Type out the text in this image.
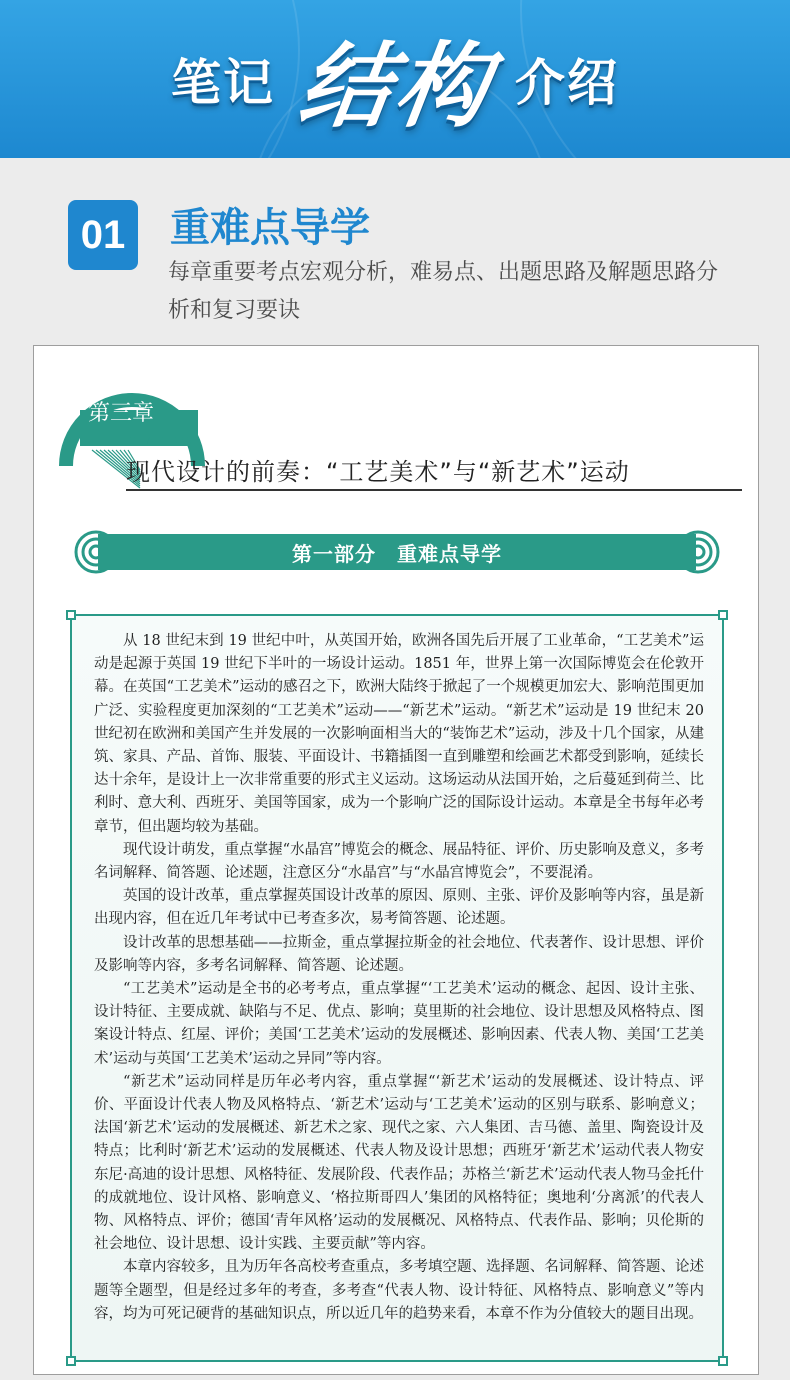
笔记 结构 介绍
01	重难点导学
每章重要考点宏观分析，难易点、出题思路及解题思路分析和复习要诀
第三章
CHAPTER3
现代设计的前奏：“工艺美术”与“新艺术”运动
第一部分　重难点导学

从 18 世纪末到 19 世纪中叶，从英国开始，欧洲各国先后开展了工业革命，“工艺美术”运动是起源于英国 19 世纪下半叶的一场设计运动。1851 年，世界上第一次国际博览会在伦敦开幕。在英国“工艺美术”运动的感召之下，欧洲大陆终于掀起了一个规模更加宏大、影响范围更加广泛、实验程度更加深刻的“工艺美术”运动——“新艺术”运动。“新艺术”运动是 19 世纪末 20 世纪初在欧洲和美国产生并发展的一次影响面相当大的“装饰艺术”运动，涉及十几个国家，从建筑、家具、产品、首饰、服装、平面设计、书籍插图一直到雕塑和绘画艺术都受到影响，延续长达十余年，是设计上一次非常重要的形式主义运动。这场运动从法国开始，之后蔓延到荷兰、比利时、意大利、西班牙、美国等国家，成为一个影响广泛的国际设计运动。本章是全书每年必考章节，但出题均较为基础。

现代设计萌发，重点掌握“水晶宫”博览会的概念、展品特征、评价、历史影响及意义，多考名词解释、简答题、论述题，注意区分“水晶宫”与“水晶宫博览会”，不要混淆。

英国的设计改革，重点掌握英国设计改革的原因、原则、主张、评价及影响等内容，虽是新出现内容，但在近几年考试中已考查多次，易考简答题、论述题。

设计改革的思想基础——拉斯金，重点掌握拉斯金的社会地位、代表著作、设计思想、评价及影响等内容，多考名词解释、简答题、论述题。

“工艺美术”运动是全书的必考考点，重点掌握“‘工艺美术’运动的概念、起因、设计主张、设计特征、主要成就、缺陷与不足、优点、影响；莫里斯的社会地位、设计思想及风格特点、图案设计特点、红屋、评价；美国‘工艺美术’运动的发展概述、影响因素、代表人物、美国‘工艺美术’运动与英国‘工艺美术’运动之异同”等内容。

“新艺术”运动同样是历年必考内容，重点掌握“‘新艺术’运动的发展概述、设计特点、评价、平面设计代表人物及风格特点、‘新艺术’运动与‘工艺美术’运动的区别与联系、影响意义；法国‘新艺术’运动的发展概述、新艺术之家、现代之家、六人集团、吉马德、盖里、陶瓷设计及特点；比利时‘新艺术’运动的发展概述、代表人物及设计思想；西班牙‘新艺术’运动代表人物安东尼·高迪的设计思想、风格特征、发展阶段、代表作品；苏格兰‘新艺术’运动代表人物马金托什的成就地位、设计风格、影响意义、‘格拉斯哥四人’集团的风格特征；奥地利‘分离派’的代表人物、风格特点、评价；德国‘青年风格’运动的发展概况、风格特点、代表作品、影响；贝伦斯的社会地位、设计思想、设计实践、主要贡献”等内容。

本章内容较多，且为历年各高校考查重点，多考填空题、选择题、名词解释、简答题、论述题等全题型，但是经过多年的考查，多考查“代表人物、设计特征、风格特点、影响意义”等内容，均为可死记硬背的基础知识点，所以近几年的趋势来看，本章不作为分值较大的题目出现。
